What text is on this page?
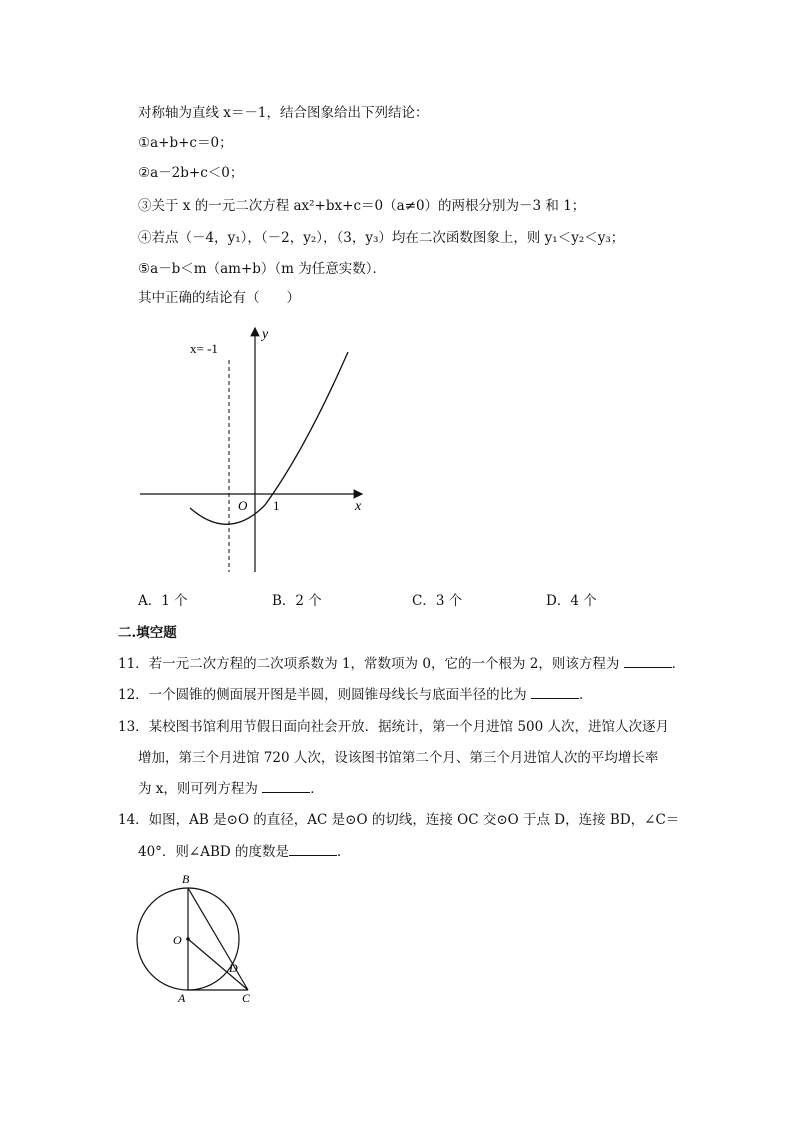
对称轴为直线 x＝－1，结合图象给出下列结论：
①a+b+c＝0；
②a－2b+c＜0；
③关于 x 的一元二次方程 ax²+bx+c＝0（a≠0）的两根分别为－3 和 1；
④若点（－4，y₁），（－2，y₂），（3，y₃）均在二次函数图象上，则 y₁＜y₂＜y₃；
⑤a－b＜m（am+b）（m 为任意实数）．
其中正确的结论有（　　）
x= -1
y
x
O 1
A．1 个	B．2 个	C．3 个	D．4 个
二.填空题
11．若一元二次方程的二次项系数为 1，常数项为 0，它的一个根为 2，则该方程为	．
12．一个圆锥的侧面展开图是半圆，则圆锥母线长与底面半径的比为	．
13．某校图书馆利用节假日面向社会开放．据统计，第一个月进馆 500 人次，进馆人次逐月
增加，第三个月进馆 720 人次，设该图书馆第二个月、第三个月进馆人次的平均增长率
为 x，则可列方程为	．
14．如图，AB 是⊙O 的直径，AC 是⊙O 的切线，连接 OC 交⊙O 于点 D，连接 BD，∠C＝
40°．则∠ABD 的度数是	．
B
O
D
A	C
